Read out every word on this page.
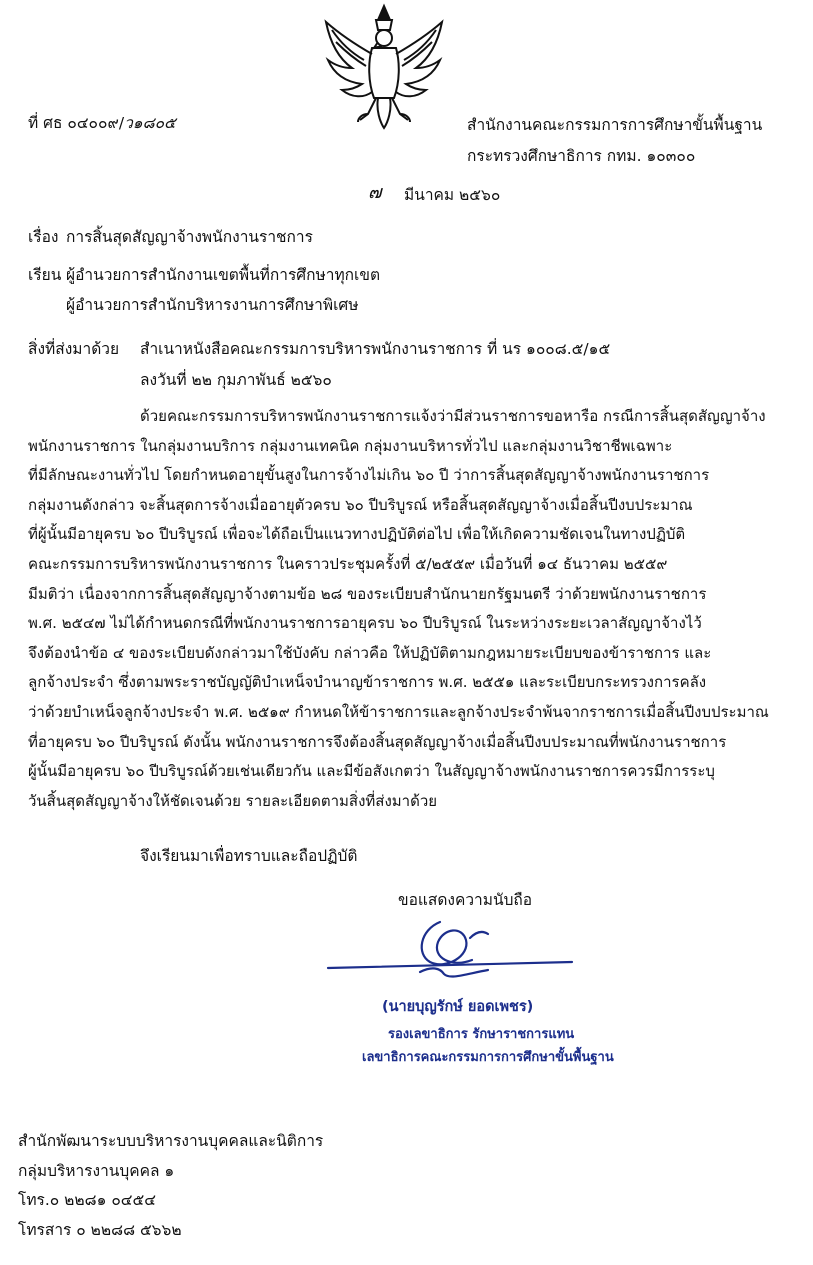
ที่ ศธ ๐๔๐๐๙/ว๑๘๐๕	สำนักงานคณะกรรมการการศึกษาขั้นพื้นฐาน
กระทรวงศึกษาธิการ กทม. ๑๐๓๐๐
๗ มีนาคม ๒๕๖๐
เรื่อง การสิ้นสุดสัญญาจ้างพนักงานราชการ
เรียน ผู้อำนวยการสำนักงานเขตพื้นที่การศึกษาทุกเขต
ผู้อำนวยการสำนักบริหารงานการศึกษาพิเศษ
สิ่งที่ส่งมาด้วย สำเนาหนังสือคณะกรรมการบริหารพนักงานราชการ ที่ นร ๑๐๐๘.๕/๑๕
ลงวันที่ ๒๒ กุมภาพันธ์ ๒๕๖๐
ด้วยคณะกรรมการบริหารพนักงานราชการแจ้งว่ามีส่วนราชการขอหารือ กรณีการสิ้นสุดสัญญาจ้าง
พนักงานราชการ ในกลุ่มงานบริการ กลุ่มงานเทคนิค กลุ่มงานบริหารทั่วไป และกลุ่มงานวิชาชีพเฉพาะ
ที่มีลักษณะงานทั่วไป โดยกำหนดอายุขั้นสูงในการจ้างไม่เกิน ๖๐ ปี ว่าการสิ้นสุดสัญญาจ้างพนักงานราชการ
กลุ่มงานดังกล่าว จะสิ้นสุดการจ้างเมื่ออายุตัวครบ ๖๐ ปีบริบูรณ์ หรือสิ้นสุดสัญญาจ้างเมื่อสิ้นปีงบประมาณ
ที่ผู้นั้นมีอายุครบ ๖๐ ปีบริบูรณ์ เพื่อจะได้ถือเป็นแนวทางปฏิบัติต่อไป เพื่อให้เกิดความชัดเจนในทางปฏิบัติ
คณะกรรมการบริหารพนักงานราชการ ในคราวประชุมครั้งที่ ๕/๒๕๕๙ เมื่อวันที่ ๑๔ ธันวาคม ๒๕๕๙
มีมติว่า เนื่องจากการสิ้นสุดสัญญาจ้างตามข้อ ๒๘ ของระเบียบสำนักนายกรัฐมนตรี ว่าด้วยพนักงานราชการ
พ.ศ. ๒๕๔๗ ไม่ได้กำหนดกรณีที่พนักงานราชการอายุครบ ๖๐ ปีบริบูรณ์ ในระหว่างระยะเวลาสัญญาจ้างไว้
จึงต้องนำข้อ ๔ ของระเบียบดังกล่าวมาใช้บังคับ กล่าวคือ ให้ปฏิบัติตามกฎหมายระเบียบของข้าราชการ และ
ลูกจ้างประจำ ซึ่งตามพระราชบัญญัติบำเหน็จบำนาญข้าราชการ พ.ศ. ๒๕๕๑ และระเบียบกระทรวงการคลัง
ว่าด้วยบำเหน็จลูกจ้างประจำ พ.ศ. ๒๕๑๙ กำหนดให้ข้าราชการและลูกจ้างประจำพ้นจากราชการเมื่อสิ้นปีงบประมาณ
ที่อายุครบ ๖๐ ปีบริบูรณ์ ดังนั้น พนักงานราชการจึงต้องสิ้นสุดสัญญาจ้างเมื่อสิ้นปีงบประมาณที่พนักงานราชการ
ผู้นั้นมีอายุครบ ๖๐ ปีบริบูรณ์ด้วยเช่นเดียวกัน และมีข้อสังเกตว่า ในสัญญาจ้างพนักงานราชการควรมีการระบุ
วันสิ้นสุดสัญญาจ้างให้ชัดเจนด้วย รายละเอียดตามสิ่งที่ส่งมาด้วย
จึงเรียนมาเพื่อทราบและถือปฏิบัติ
ขอแสดงความนับถือ
(นายบุญรักษ์ ยอดเพชร)
รองเลขาธิการ รักษาราชการแทน
เลขาธิการคณะกรรมการการศึกษาขั้นพื้นฐาน
สำนักพัฒนาระบบบริหารงานบุคคลและนิติการ
กลุ่มบริหารงานบุคคล ๑
โทร.๐ ๒๒๘๑ ๐๔๕๔
โทรสาร ๐ ๒๒๘๘ ๕๖๖๒
